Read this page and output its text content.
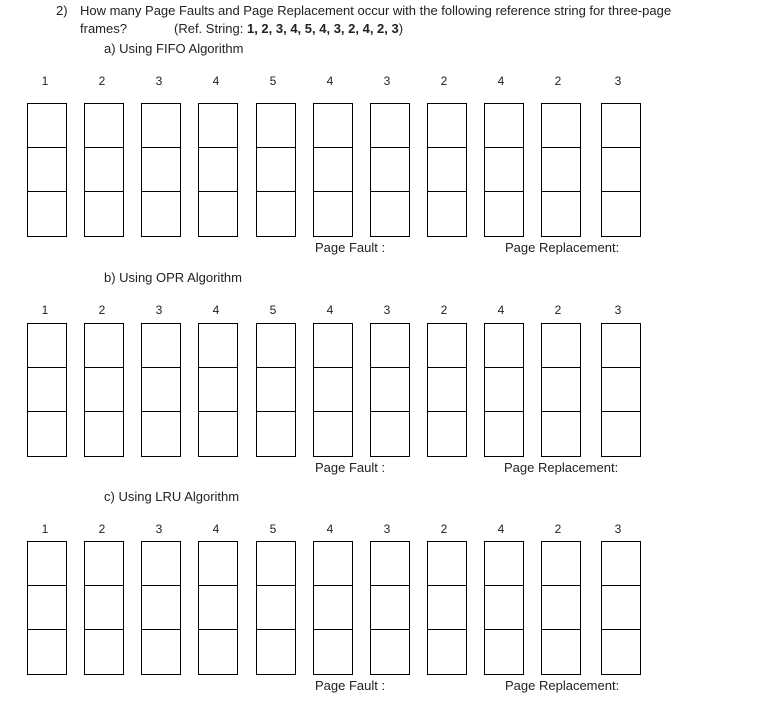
2) How many Page Faults and Page Replacement occur with the following reference string for three-page
frames?	(Ref. String: 1, 2, 3, 4, 5, 4, 3, 2, 4, 2, 3)
a) Using FIFO Algorithm
1	2	3	4	5	4	3	2	4	2	3
Page Fault :	Page Replacement:
b) Using OPR Algorithm
1	2	3	4	5	4	3	2	4	2	3
Page Fault :	Page Replacement:
c) Using LRU Algorithm
1	2	3	4	5	4	3	2	4	2	3
Page Fault :	Page Replacement:
